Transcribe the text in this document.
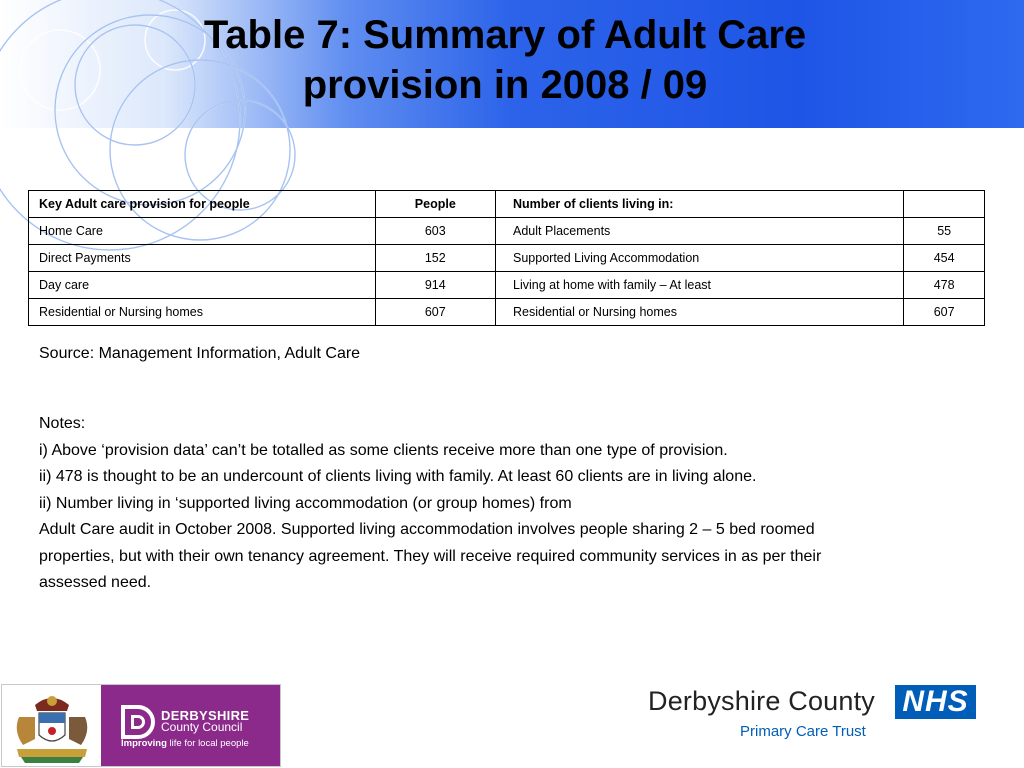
Table 7: Summary of Adult Care
provision in 2008 / 09
Key Adult care provision for people	People	Number of clients living in:	
Home Care	603	Adult Placements	55
Direct Payments	152	Supported Living Accommodation	454
Day care	914	Living at home with family – At least	478
Residential or Nursing homes	607	Residential or Nursing homes	607
Source: Management Information, Adult Care
Notes:
i) Above ‘provision data’ can’t be totalled as some clients receive more than one type of provision.
ii) 478 is thought to be an undercount of clients living with family. At least 60 clients are in living alone.
ii) Number living in ‘supported living accommodation (or group homes) from
Adult Care audit in October 2008. Supported living accommodation involves people sharing 2 – 5 bed roomed
properties, but with their own tenancy agreement. They will receive required community services in as per their
assessed need.
DERBYSHIRE
County Council
Improving life for local people
Derbyshire County NHS
Primary Care Trust
